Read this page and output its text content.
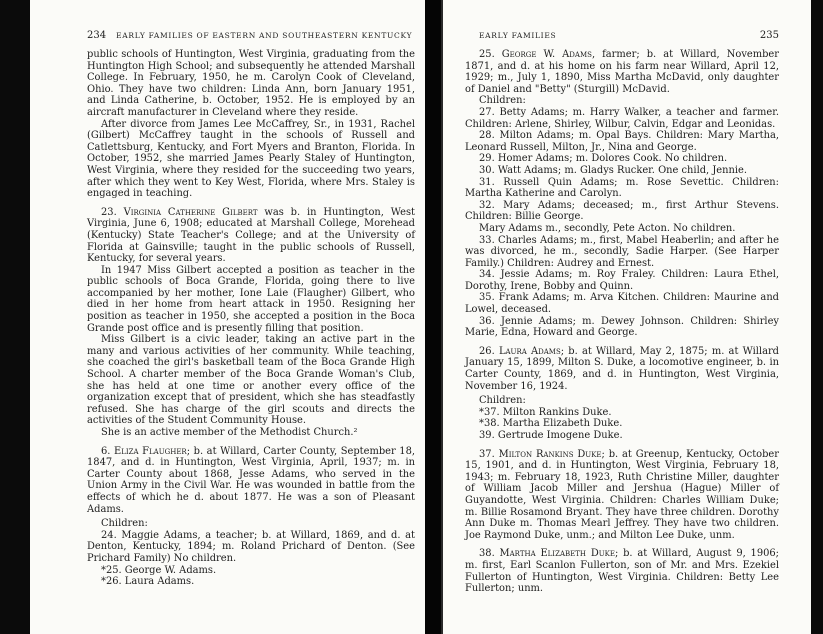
234 EARLY FAMILIES OF EASTERN AND SOUTHEASTERN KENTUCKY

public schools of Huntington, West Virginia, graduating from the Huntington High School; and subsequently he attended Marshall College. In February, 1950, he m. Carolyn Cook of Cleveland, Ohio. They have two children: Linda Ann, born January 1951, and Linda Catherine, b. October, 1952. He is employed by an aircraft manufacturer in Cleveland where they reside.

After divorce from James Lee McCaffrey, Sr., in 1931, Rachel (Gilbert) McCaffrey taught in the schools of Russell and Catlettsburg, Kentucky, and Fort Myers and Branton, Florida. In October, 1952, she married James Pearly Staley of Huntington, West Virginia, where they resided for the succeeding two years, after which they went to Key West, Florida, where Mrs. Staley is engaged in teaching.

23. Virginia Catherine Gilbert was b. in Huntington, West Virginia, June 6, 1908; educated at Marshall College, Morehead (Kentucky) State Teacher's College; and at the University of Florida at Gainsville; taught in the public schools of Russell, Kentucky, for several years.

In 1947 Miss Gilbert accepted a position as teacher in the public schools of Boca Grande, Florida, going there to live accompanied by her mother, Ione Laie (Flaugher) Gilbert, who died in her home from heart attack in 1950. Resigning her position as teacher in 1950, she accepted a position in the Boca Grande post office and is presently filling that position.

Miss Gilbert is a civic leader, taking an active part in the many and various activities of her community. While teaching, she coached the girl's basketball team of the Boca Grande High School. A charter member of the Boca Grande Woman's Club, she has held at one time or another every office of the organization except that of president, which she has steadfastly refused. She has charge of the girl scouts and directs the activities of the Student Community House.

She is an active member of the Methodist Church.²

6. Eliza Flaugher; b. at Willard, Carter County, September 18, 1847, and d. in Huntington, West Virginia, April, 1937; m. in Carter County about 1868, Jesse Adams, who served in the Union Army in the Civil War. He was wounded in battle from the effects of which he d. about 1877. He was a son of Pleasant Adams.

Children:

24. Maggie Adams, a teacher; b. at Willard, 1869, and d. at Denton, Kentucky, 1894; m. Roland Prichard of Denton. (See Prichard Family) No children.

*25. George W. Adams.

*26. Laura Adams.

EARLY FAMILIES	235

25. George W. Adams, farmer; b. at Willard, November 1871, and d. at his home on his farm near Willard, April 12, 1929; m., July 1, 1890, Miss Martha McDavid, only daughter of Daniel and "Betty" (Sturgill) McDavid.

Children:

27. Betty Adams; m. Harry Walker, a teacher and farmer. Children: Arlene, Shirley, Wilbur, Calvin, Edgar and Leonidas.

28. Milton Adams; m. Opal Bays. Children: Mary Martha, Leonard Russell, Milton, Jr., Nina and George.

29. Homer Adams; m. Dolores Cook. No children.

30. Watt Adams; m. Gladys Rucker. One child, Jennie.

31. Russell Quin Adams; m. Rose Sevettic. Children: Martha Katherine and Carolyn.

32. Mary Adams; deceased; m., first Arthur Stevens. Children: Billie George.

Mary Adams m., secondly, Pete Acton. No children.

33. Charles Adams; m., first, Mabel Heaberlin; and after he was divorced, he m., secondly, Sadie Harper. (See Harper Family.) Children: Audrey and Ernest.

34. Jessie Adams; m. Roy Fraley. Children: Laura Ethel, Dorothy, Irene, Bobby and Quinn.

35. Frank Adams; m. Arva Kitchen. Children: Maurine and Lowel, deceased.

36. Jennie Adams; m. Dewey Johnson. Children: Shirley Marie, Edna, Howard and George.

26. Laura Adams; b. at Willard, May 2, 1875; m. at Willard January 15, 1899, Milton S. Duke, a locomotive engineer, b. in Carter County, 1869, and d. in Huntington, West Virginia, November 16, 1924.

Children:

*37. Milton Rankins Duke.

*38. Martha Elizabeth Duke.

39. Gertrude Imogene Duke.

37. Milton Rankins Duke; b. at Greenup, Kentucky, October 15, 1901, and d. in Huntington, West Virginia, February 18, 1943; m. February 18, 1923, Ruth Christine Miller, daughter of William Jacob Miller and Jershua (Hague) Miller of Guyandotte, West Virginia. Children: Charles William Duke; m. Billie Rosamond Bryant. They have three children. Dorothy Ann Duke m. Thomas Mearl Jeffrey. They have two children. Joe Raymond Duke, unm.; and Milton Lee Duke, unm.

38. Martha Elizabeth Duke; b. at Willard, August 9, 1906; m. first, Earl Scanlon Fullerton, son of Mr. and Mrs. Ezekiel Fullerton of Huntington, West Virginia. Children: Betty Lee Fullerton; unm.
